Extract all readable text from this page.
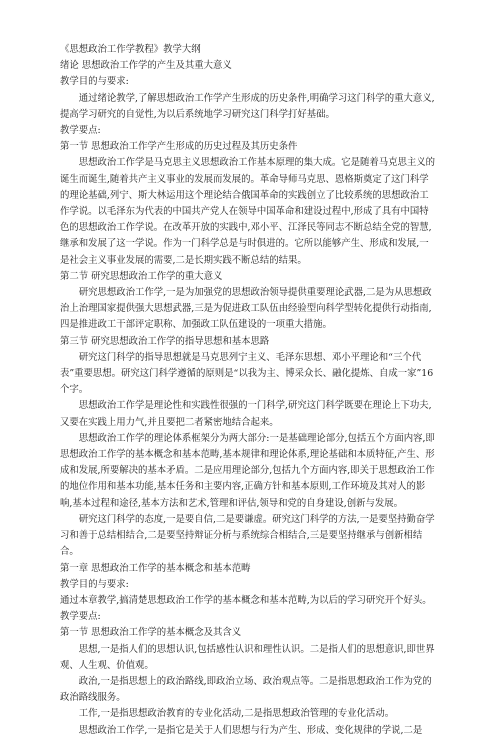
《思想政治工作学教程》教学大纲

绪论 思想政治工作学的产生及其重大意义

教学目的与要求:

通过绪论教学,了解思想政治工作学产生形成的历史条件,明确学习这门科学的重大意义,提高学习研究的自觉性,为以后系统地学习研究这门科学打好基础。

教学要点:

第一节 思想政治工作学产生形成的历史过程及其历史条件

思想政治工作学是马克思主义思想政治工作基本原理的集大成。它是随着马克思主义的诞生而诞生,随着共产主义事业的发展而发展的。革命导师马克思、恩格斯奠定了这门科学的理论基础,列宁、斯大林运用这个理论结合俄国革命的实践创立了比较系统的思想政治工作学说。以毛泽东为代表的中国共产党人在领导中国革命和建设过程中,形成了具有中国特色的思想政治工作学说。在改革开放的实践中,邓小平、江泽民等同志不断总结全党的智慧,继承和发展了这一学说。作为一门科学总是与时俱进的。它所以能够产生、形成和发展,一是社会主义事业发展的需要,二是长期实践不断总结的结果。

第二节 研究思想政治工作学的重大意义

研究思想政治工作学,一是为加强党的思想政治领导提供重要理论武器,二是为从思想政治上治理国家提供强大思想武器,三是为促进政工队伍由经验型向科学型转化提供行动指南,四是推进政工干部评定职称、加强政工队伍建设的一项重大措施。

第三节 研究思想政治工作学的指导思想和基本思路

研究这门科学的指导思想就是马克思列宁主义、毛泽东思想、邓小平理论和“三个代表”重要思想。研究这门科学遵循的原则是“以我为主、博采众长、融化提炼、自成一家”16个字。

思想政治工作学是理论性和实践性很强的一门科学,研究这门科学既要在理论上下功夫,又要在实践上用力气,并且要把二者紧密地结合起来。

思想政治工作学的理论体系框架分为两大部分:一是基础理论部分,包括五个方面内容,即思想政治工作学的基本概念和基本范畴,基本规律和理论体系,理论基础和本质特征,产生、形成和发展,所要解决的基本矛盾。二是应用理论部分,包括九个方面内容,即关于思想政治工作的地位作用和基本功能,基本任务和主要内容,正确方针和基本原则,工作环境及其对人的影响,基本过程和途径,基本方法和艺术,管理和评估,领导和党的自身建设,创新与发展。

研究这门科学的态度,一是要自信,二是要谦虚。研究这门科学的方法,一是要坚持勤奋学习和善于总结相结合,二是要坚持辩证分析与系统综合相结合,三是要坚持继承与创新相结合。

第一章 思想政治工作学的基本概念和基本范畴

教学目的与要求:

通过本章教学,搞清楚思想政治工作学的基本概念和基本范畴,为以后的学习研究开个好头。

教学要点:

第一节 思想政治工作学的基本概念及其含义

思想,一是指人们的思想认识,包括感性认识和理性认识。二是指人们的思想意识,即世界观、人生观、价值观。

政治,一是指思想上的政治路线,即政治立场、政治观点等。二是指思想政治工作为党的政治路线服务。

工作,一是指思想政治教育的专业化活动,二是指思想政治管理的专业化活动。

思想政治工作学,一是指它是关于人们思想与行为产生、形成、变化规律的学说,二是
